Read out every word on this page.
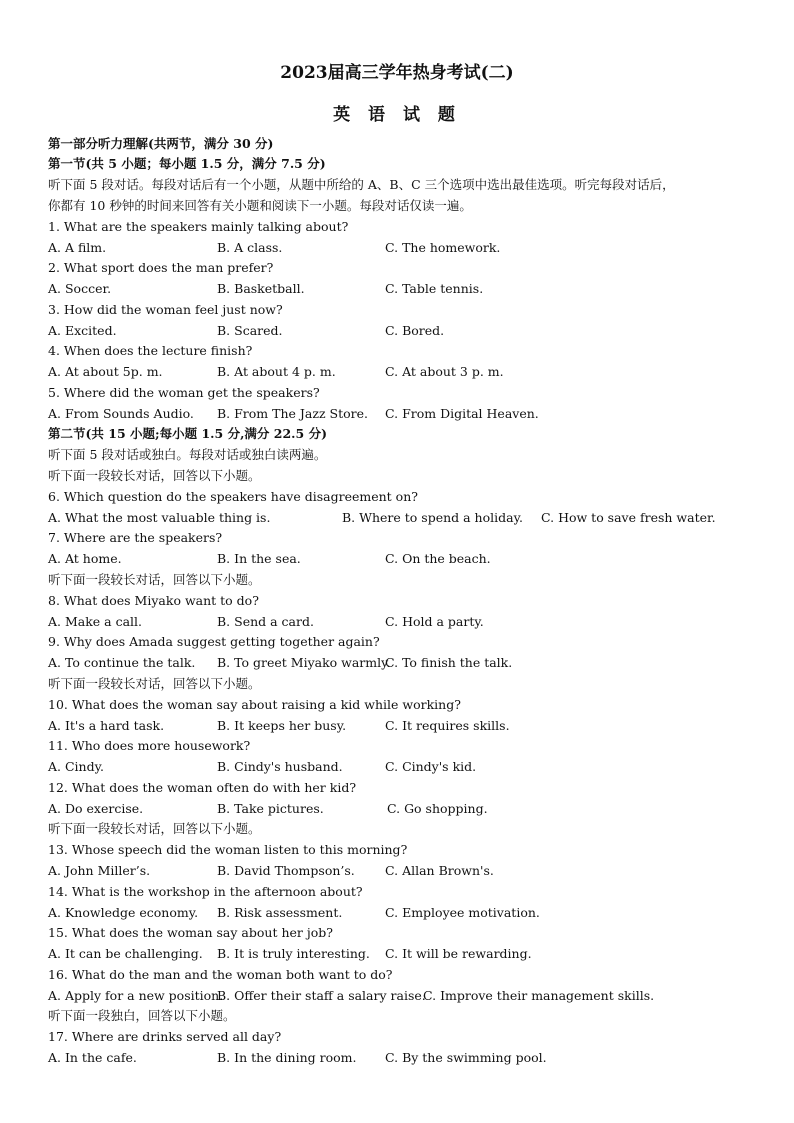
2023届高三学年热身考试(二)
英 语 试 题
第一部分听力理解(共两节，满分 30 分)
第一节(共 5 小题；每小题 1.5 分，满分 7.5 分)
听下面 5 段对话。每段对话后有一个小题，从题中所给的 A、B、C 三个选项中选出最佳选项。听完每段对话后，
你都有 10 秒钟的时间来回答有关小题和阅读下一小题。每段对话仅读一遍。
1. What are the speakers mainly talking about?
A. A film.	B. A class.	C. The homework.
2. What sport does the man prefer?
A. Soccer.	B. Basketball.	C. Table tennis.
3. How did the woman feel just now?
A. Excited.	B. Scared.	C. Bored.
4. When does the lecture finish?
A. At about 5p. m.	B. At about 4 p. m.	C. At about 3 p. m.
5. Where did the woman get the speakers?
A. From Sounds Audio. B. From The Jazz Store. C. From Digital Heaven.
第二节(共 15 小题;每小题 1.5 分,满分 22.5 分)
听下面 5 段对话或独白。每段对话或独白读两遍。
听下面一段较长对话，回答以下小题。
6. Which question do the speakers have disagreement on?
A. What the most valuable thing is.	B. Where to spend a holiday. C. How to save fresh water.
7. Where are the speakers?
A. At home.	B. In the sea.	C. On the beach.
听下面一段较长对话，回答以下小题。
8. What does Miyako want to do?
A. Make a call.	B. Send a card.	C. Hold a party.
9. Why does Amada suggest getting together again?
A. To continue the talk. B. To greet Miyako warmly.
C. To finish the talk.
听下面一段较长对话，回答以下小题。
10. What does the woman say about raising a kid while working?
A. It's a hard task.	B. It keeps her busy.	C. It requires skills.
11. Who does more housework?
A. Cindy.	B. Cindy's husband.	C. Cindy's kid.
12. What does the woman often do with her kid?
A. Do exercise.	B. Take pictures.	C. Go shopping.
听下面一段较长对话，回答以下小题。
13. Whose speech did the woman listen to this morning?
A. John Miller’s.	B. David Thompson’s. C. Allan Brown's.
14. What is the workshop in the afternoon about?
A. Knowledge economy. B. Risk assessment.	C. Employee motivation.
15. What does the woman say about her job?
A. It can be challenging. B. It is truly interesting. C. It will be rewarding.
16. What do the man and the woman both want to do?
A. Apply for a new position.
B. Offer their staff a salary raise.
C. Improve their management skills.
听下面一段独白，回答以下小题。
17. Where are drinks served all day?
A. In the cafe.	B. In the dining room. C. By the swimming pool.
